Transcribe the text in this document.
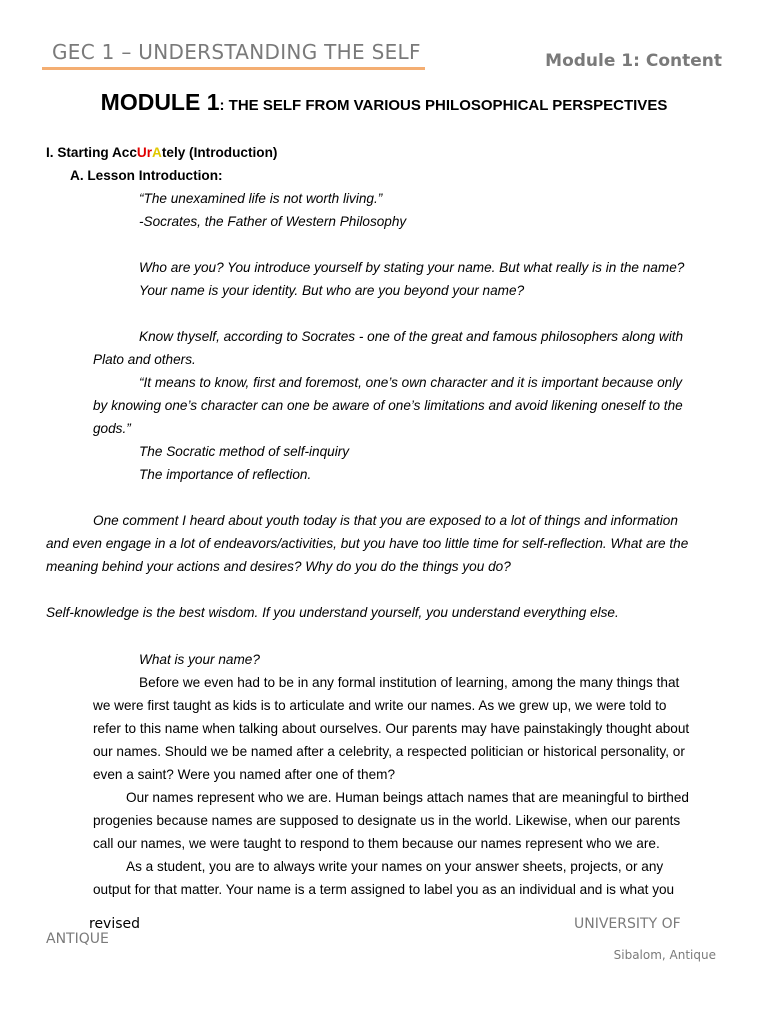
GEC 1 – UNDERSTANDING THE SELF	Module 1: Content
MODULE 1: THE SELF FROM VARIOUS PHILOSOPHICAL PERSPECTIVES
I. Starting AccUrAtely (Introduction)
A. Lesson Introduction:
“The unexamined life is not worth living.”
-Socrates, the Father of Western Philosophy
Who are you? You introduce yourself by stating your name. But what really is in the name?
Your name is your identity. But who are you beyond your name?
Know thyself, according to Socrates - one of the great and famous philosophers along with
Plato and others.
“It means to know, first and foremost, one’s own character and it is important because only
by knowing one’s character can one be aware of one’s limitations and avoid likening oneself to the
gods.”
The Socratic method of self-inquiry
The importance of reflection.
One comment I heard about youth today is that you are exposed to a lot of things and information
and even engage in a lot of endeavors/activities, but you have too little time for self-reflection. What are the
meaning behind your actions and desires? Why do you do the things you do?
Self-knowledge is the best wisdom. If you understand yourself, you understand everything else.
What is your name?
Before we even had to be in any formal institution of learning, among the many things that
we were first taught as kids is to articulate and write our names. As we grew up, we were told to
refer to this name when talking about ourselves. Our parents may have painstakingly thought about
our names. Should we be named after a celebrity, a respected politician or historical personality, or
even a saint? Were you named after one of them?
Our names represent who we are. Human beings attach names that are meaningful to birthed
progenies because names are supposed to designate us in the world. Likewise, when our parents
call our names, we were taught to respond to them because our names represent who we are.
As a student, you are to always write your names on your answer sheets, projects, or any
output for that matter. Your name is a term assigned to label you as an individual and is what you
revised	UNIVERSITY OF
ANTIQUE
Sibalom, Antique
